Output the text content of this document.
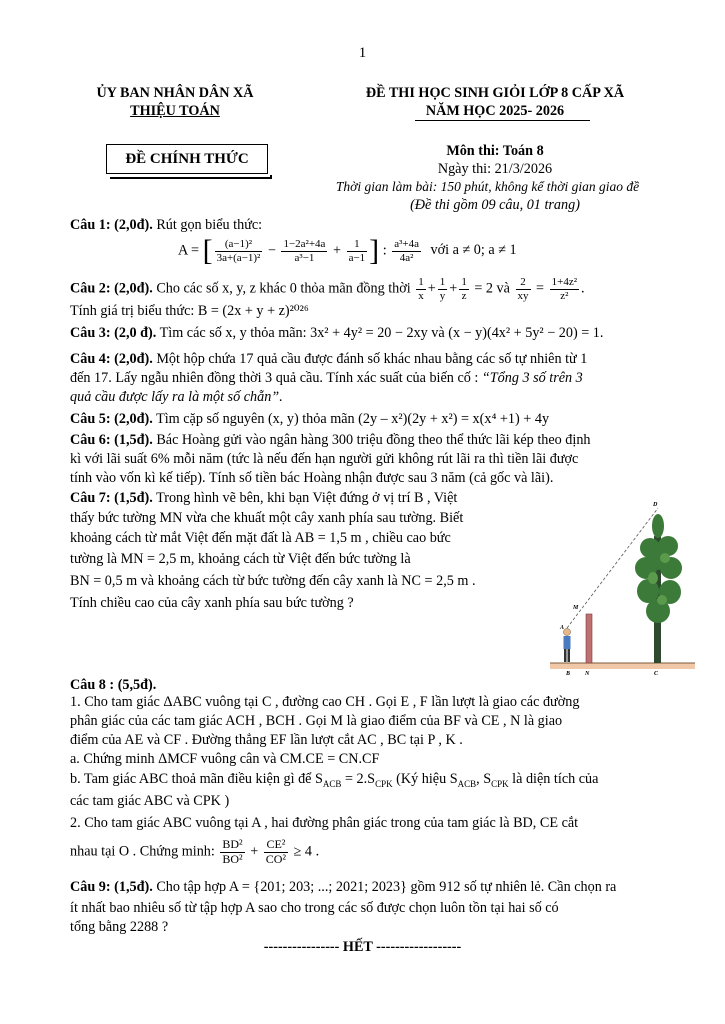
1
ỦY BAN NHÂN DÂN XÃ
THIỆU TOÁN
ĐỀ THI HỌC SINH GIỎI LỚP 8 CẤP XÃ
NĂM HỌC 2025- 2026
ĐỀ CHÍNH THỨC	Môn thi: Toán 8
Ngày thi: 21/3/2026
Thời gian làm bài: 150 phút, không kể thời gian giao đề
(Đề thi gồm 09 câu, 01 trang)
Câu 1: (2,0đ). Rút gọn biểu thức:
A = [ $\frac{\text{(a−1)²}}{\text{3a+(a−1)²}} - \frac{\text{1−2a²+4a}}{\text{a³−1}} + \frac{1}{a-1}$ ] : $\frac{\text{a³+4a}}{\text{4a²}}$ với a ≠ 0; a ≠ 1
Câu 2: (2,0đ). Cho các số x, y, z khác 0 thỏa mãn đồng thời $\frac{1}{x} + \frac{1}{y} + \frac{1}{z} = 2$ và $\frac{2}{xy} = \frac{\text{1+4z²}}{\text{z²}}$ .
Tính giá trị biểu thức: B = (2x + y + z)²⁰²⁶
Câu 3: (2,0 đ). Tìm các số x, y thỏa mãn: 3x² + 4y² = 20 − 2xy và (x − y)(4x² + 5y² − 20) = 1.
Câu 4: (2,0đ). Một hộp chứa 17 quả cầu được đánh số khác nhau bằng các số tự nhiên từ 1
đến 17. Lấy ngẫu nhiên đồng thời 3 quả cầu. Tính xác suất của biến cố : “Tổng 3 số trên 3
quả cầu được lấy ra là một số chẵn”.
Câu 5: (2,0đ). Tìm cặp số nguyên (x, y) thỏa mãn (2y – x²)(2y + x²) = x(x⁴ +1) + 4y
Câu 6: (1,5đ). Bác Hoàng gửi vào ngân hàng 300 triệu đồng theo thể thức lãi kép theo định
kì với lãi suất 6% mỗi năm (tức là nếu đến hạn người gửi không rút lãi ra thì tiền lãi được
tính vào vốn kì kế tiếp). Tính số tiền bác Hoàng nhận được sau 3 năm (cả gốc và lãi).
Câu 7: (1,5đ). Trong hình vẽ bên, khi bạn Việt đứng ở vị trí B , Việt
thấy bức tường MN vừa che khuất một cây xanh phía sau tường. Biết
khoảng cách từ mắt Việt đến mặt đất là AB = 1,5 m , chiều cao bức
tường là MN = 2,5 m, khoảng cách từ Việt đến bức tường là
BN = 0,5 m và khoảng cách từ bức tường đến cây xanh là NC = 2,5 m .
Tính chiều cao của cây xanh phía sau bức tường ?
D
M
A
B N	C
Câu 8 : (5,5đ).
1. Cho tam giác ΔABC vuông tại C , đường cao CH . Gọi E , F lần lượt là giao các đường
phân giác của các tam giác ACH , BCH . Gọi M là giao điểm của BF và CE , N là giao
điểm của AE và CF . Đường thẳng EF lần lượt cắt AC , BC tại P , K .
a. Chứng minh ΔMCF vuông cân và CM.CE = CN.CF
b. Tam giác ABC thoả mãn điều kiện gì để $S_{ACB} = 2.S_{CPK}$ (Ký hiệu $S_{ACB}$, $S_{CPK}$ là diện tích của
các tam giác ABC và CPK )
2. Cho tam giác ABC vuông tại A , hai đường phân giác trong của tam giác là BD, CE cắt
nhau tại O . Chứng minh: $\frac{\text{BD²}}{\text{BO²}} + \frac{\text{CE²}}{\text{CO²}} \ge 4$ .
Câu 9: (1,5đ). Cho tập hợp A = {201; 203; ...; 2021; 2023} gồm 912 số tự nhiên lẻ. Cần chọn ra
ít nhất bao nhiêu số từ tập hợp A sao cho trong các số được chọn luôn tồn tại hai số có
tổng bằng 2288 ?
---------------- HẾT ------------------
